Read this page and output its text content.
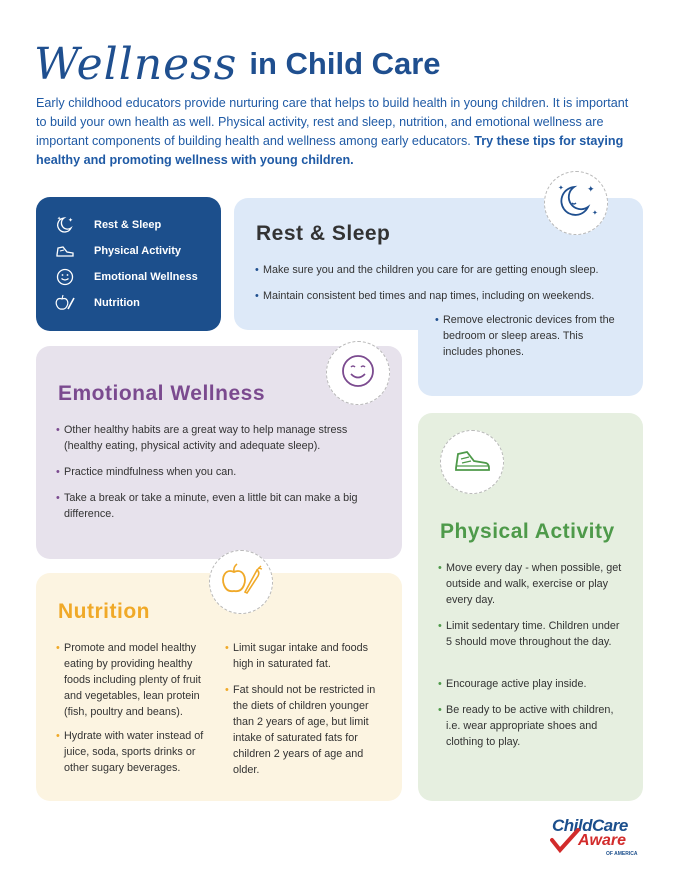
Wellness in Child Care
Early childhood educators provide nurturing care that helps to build health in young children. It is important to build your own health as well. Physical activity, rest and sleep, nutrition, and emotional wellness are important components of building health and wellness among early educators. Try these tips for staying healthy and promoting wellness with young children.
✦
✦	Rest & Sleep
Physical Activity
Emotional Wellness
Nutrition
✦
✦
✦
Rest & Sleep
• Make sure you and the children you care for are getting enough sleep.
• Maintain consistent bed times and nap times, including on weekends.
• Remove electronic devices from the bedroom or sleep areas. This includes phones.
Emotional Wellness
• Other healthy habits are a great way to help manage stress (healthy eating, physical activity and adequate sleep).
• Practice mindfulness when you can.
• Take a break or take a minute, even a little bit can make a big difference.
Physical Activity
• Move every day - when possible, get outside and walk, exercise or play every day.
• Limit sedentary time. Children under 5 should move throughout the day.
• Encourage active play inside.
• Be ready to be active with children, i.e. wear appropriate shoes and clothing to play.
Nutrition
• Promote and model healthy eating by providing healthy foods including plenty of fruit and vegetables, lean protein (fish, poultry and beans).
• Hydrate with water instead of juice, soda, sports drinks or other sugary beverages.
• Limit sugar intake and foods high in saturated fat.
• Fat should not be restricted in the diets of children younger than 2 years of age, but limit intake of saturated fats for children 2 years of age and older.
ChildCare
Aware
OF AMERICA
